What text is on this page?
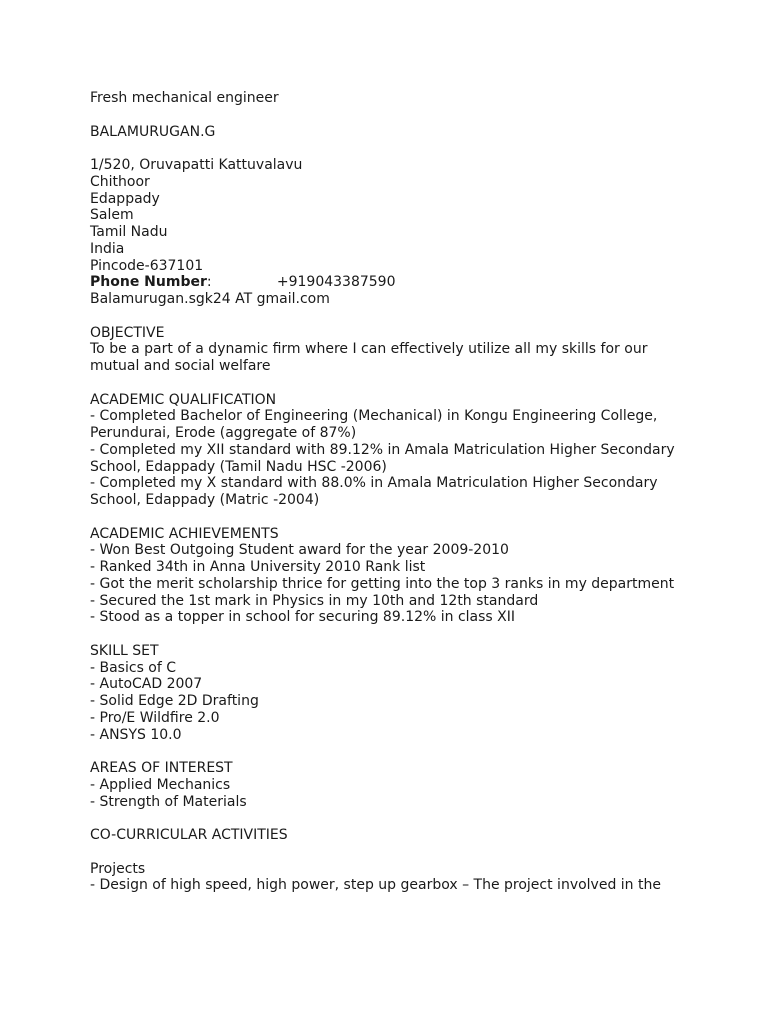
Fresh mechanical engineer
BALAMURUGAN.G
1/520, Oruvapatti Kattuvalavu
Chithoor
Edappady
Salem
Tamil Nadu
India
Pincode-637101
Phone Number:	+919043387590
Balamurugan.sgk24 AT gmail.com
OBJECTIVE
To be a part of a dynamic firm where I can effectively utilize all my skills for our
mutual and social welfare
ACADEMIC QUALIFICATION
- Completed Bachelor of Engineering (Mechanical) in Kongu Engineering College,
Perundurai, Erode (aggregate of 87%)
- Completed my XII standard with 89.12% in Amala Matriculation Higher Secondary
School, Edappady (Tamil Nadu HSC -2006)
- Completed my X standard with 88.0% in Amala Matriculation Higher Secondary
School, Edappady (Matric -2004)
ACADEMIC ACHIEVEMENTS
- Won Best Outgoing Student award for the year 2009-2010
- Ranked 34th in Anna University 2010 Rank list
- Got the merit scholarship thrice for getting into the top 3 ranks in my department
- Secured the 1st mark in Physics in my 10th and 12th standard
- Stood as a topper in school for securing 89.12% in class XII
SKILL SET
- Basics of C
- AutoCAD 2007
- Solid Edge 2D Drafting
- Pro/E Wildfire 2.0
- ANSYS 10.0
AREAS OF INTEREST
- Applied Mechanics
- Strength of Materials
CO-CURRICULAR ACTIVITIES
Projects
- Design of high speed, high power, step up gearbox – The project involved in the
